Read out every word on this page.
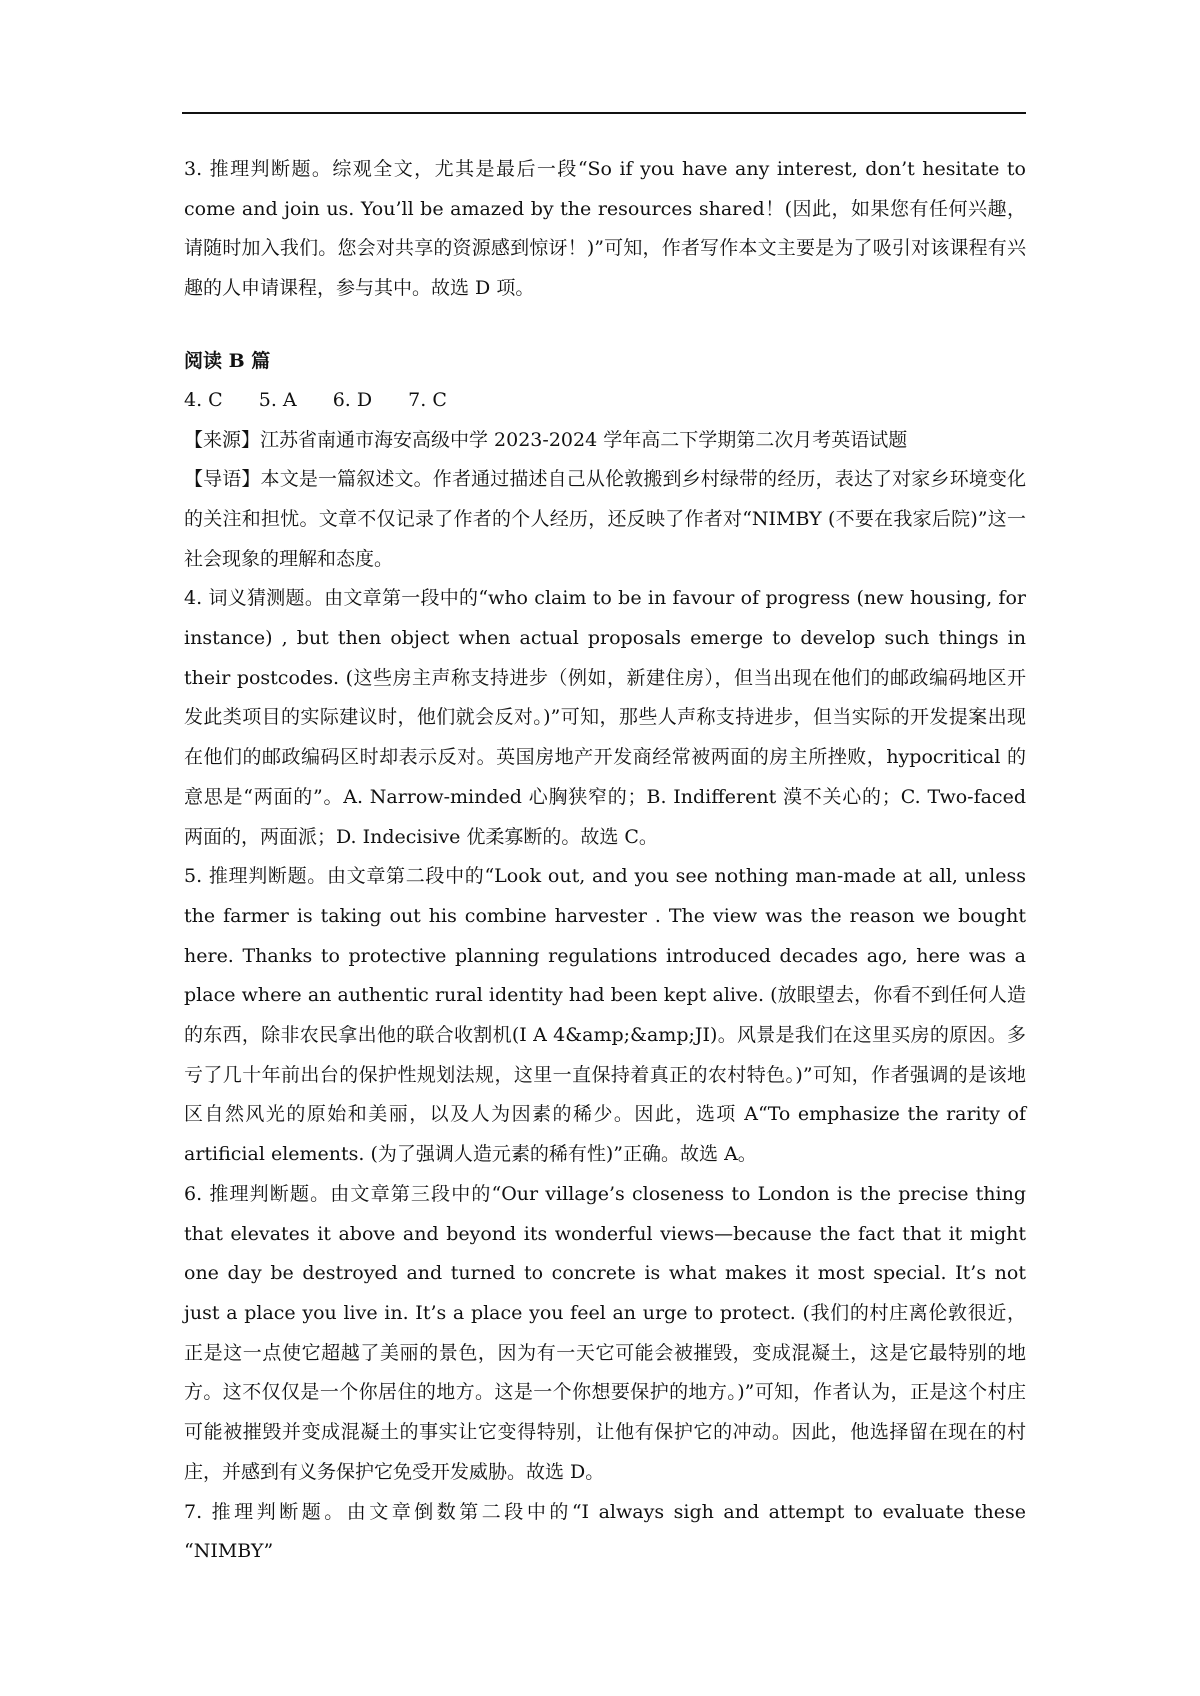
3. 推理判断题。综观全文，尤其是最后一段“So if you have any interest, don’t hesitate to come and join us. You’ll be amazed by the resources shared！(因此，如果您有任何兴趣，请随时加入我们。您会对共享的资源感到惊讶！)”可知，作者写作本文主要是为了吸引对该课程有兴趣的人申请课程，参与其中。故选 D 项。

阅读 B 篇

4. C 5. A 6. D 7. C

【来源】江苏省南通市海安高级中学 2023-2024 学年高二下学期第二次月考英语试题

【导语】本文是一篇叙述文。作者通过描述自己从伦敦搬到乡村绿带的经历，表达了对家乡环境变化的关注和担忧。文章不仅记录了作者的个人经历，还反映了作者对“NIMBY (不要在我家后院)”这一社会现象的理解和态度。

4. 词义猜测题。由文章第一段中的“who claim to be in favour of progress (new housing, for instance) , but then object when actual proposals emerge to develop such things in their postcodes. (这些房主声称支持进步（例如，新建住房），但当出现在他们的邮政编码地区开发此类项目的实际建议时，他们就会反对。)”可知，那些人声称支持进步，但当实际的开发提案出现在他们的邮政编码区时却表示反对。英国房地产开发商经常被两面的房主所挫败，hypocritical 的意思是“两面的”。A. Narrow-minded 心胸狭窄的；B. Indifferent 漠不关心的；C. Two-faced 两面的，两面派；D. Indecisive 优柔寡断的。故选 C。

5. 推理判断题。由文章第二段中的“Look out, and you see nothing man-made at all, unless the farmer is taking out his combine harvester . The view was the reason we bought here. Thanks to protective planning regulations introduced decades ago, here was a place where an authentic rural identity had been kept alive. (放眼望去，你看不到任何人造的东西，除非农民拿出他的联合收割机(I A 4&amp;&amp;JI)。风景是我们在这里买房的原因。多亏了几十年前出台的保护性规划法规，这里一直保持着真正的农村特色。)”可知，作者强调的是该地区自然风光的原始和美丽，以及人为因素的稀少。因此，选项 A“To emphasize the rarity of artificial elements. (为了强调人造元素的稀有性)”正确。故选 A。

6. 推理判断题。由文章第三段中的“Our village’s closeness to London is the precise thing that elevates it above and beyond its wonderful views—because the fact that it might one day be destroyed and turned to concrete is what makes it most special. It’s not just a place you live in. It’s a place you feel an urge to protect. (我们的村庄离伦敦很近，正是这一点使它超越了美丽的景色，因为有一天它可能会被摧毁，变成混凝土，这是它最特别的地方。这不仅仅是一个你居住的地方。这是一个你想要保护的地方。)”可知，作者认为，正是这个村庄可能被摧毁并变成混凝土的事实让它变得特别，让他有保护它的冲动。因此，他选择留在现在的村庄，并感到有义务保护它免受开发威胁。故选 D。

7. 推理判断题。由文章倒数第二段中的“I always sigh and attempt to evaluate these “NIMBY”
